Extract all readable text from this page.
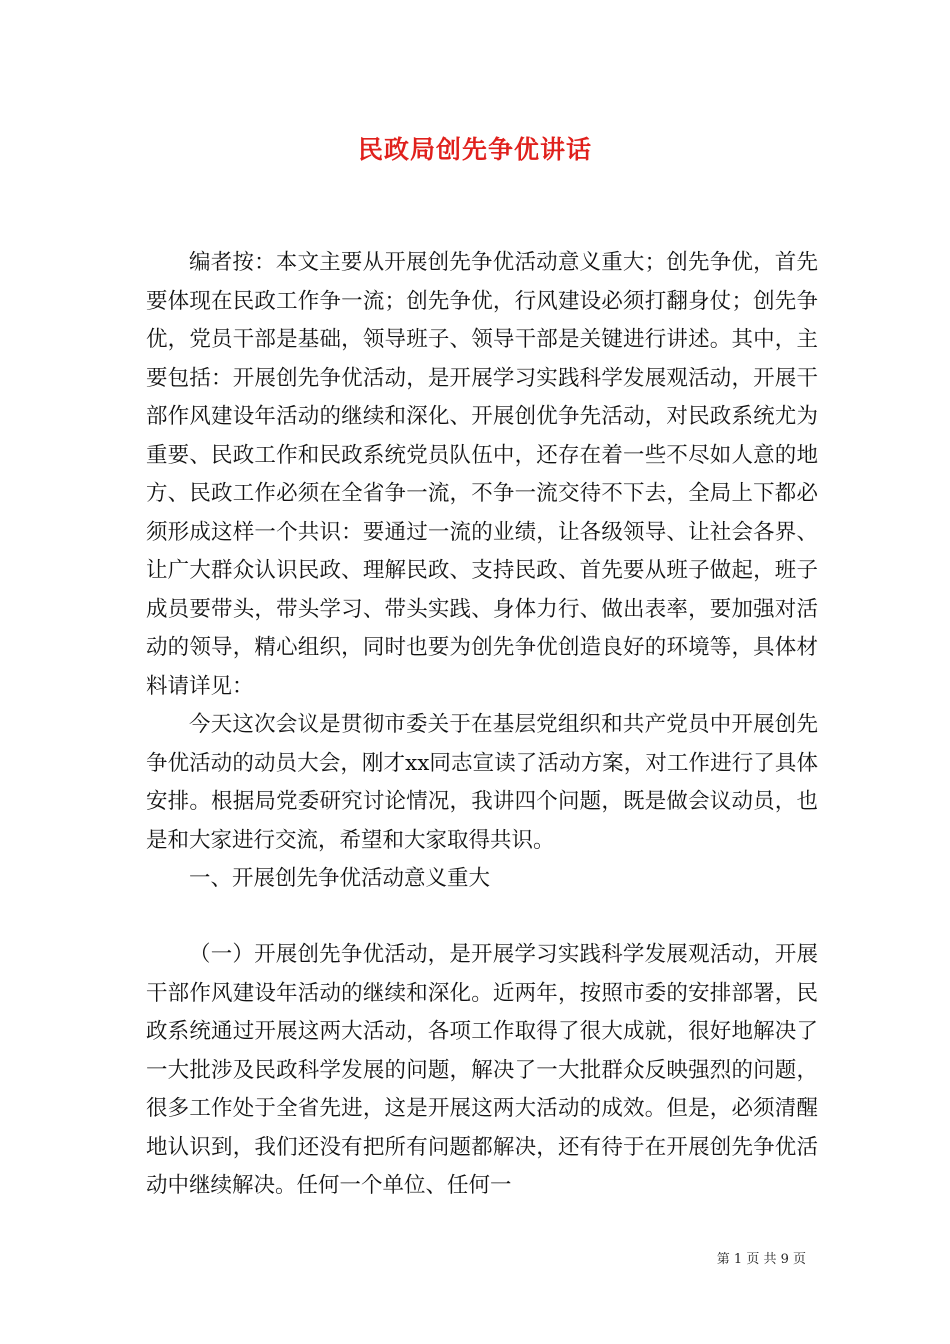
民政局创先争优讲话

编者按：本文主要从开展创先争优活动意义重大；创先争优，首先要体现在民政工作争一流；创先争优，行风建设必须打翻身仗；创先争优，党员干部是基础，领导班子、领导干部是关键进行讲述。其中，主要包括：开展创先争优活动，是开展学习实践科学发展观活动，开展干部作风建设年活动的继续和深化、开展创优争先活动，对民政系统尤为重要、民政工作和民政系统党员队伍中，还存在着一些不尽如人意的地方、民政工作必须在全省争一流，不争一流交待不下去，全局上下都必须形成这样一个共识：要通过一流的业绩，让各级领导、让社会各界、让广大群众认识民政、理解民政、支持民政、首先要从班子做起，班子成员要带头，带头学习、带头实践、身体力行、做出表率，要加强对活动的领导，精心组织，同时也要为创先争优创造良好的环境等，具体材料请详见：

今天这次会议是贯彻市委关于在基层党组织和共产党员中开展创先争优活动的动员大会，刚才xx同志宣读了活动方案，对工作进行了具体安排。根据局党委研究讨论情况，我讲四个问题，既是做会议动员，也是和大家进行交流，希望和大家取得共识。

一、开展创先争优活动意义重大

（一）开展创先争优活动，是开展学习实践科学发展观活动，开展干部作风建设年活动的继续和深化。近两年，按照市委的安排部署，民政系统通过开展这两大活动，各项工作取得了很大成就，很好地解决了一大批涉及民政科学发展的问题，解决了一大批群众反映强烈的问题，很多工作处于全省先进，这是开展这两大活动的成效。但是，必须清醒地认识到，我们还没有把所有问题都解决，还有待于在开展创先争优活动中继续解决。任何一个单位、任何一

第 1 页 共 9 页
